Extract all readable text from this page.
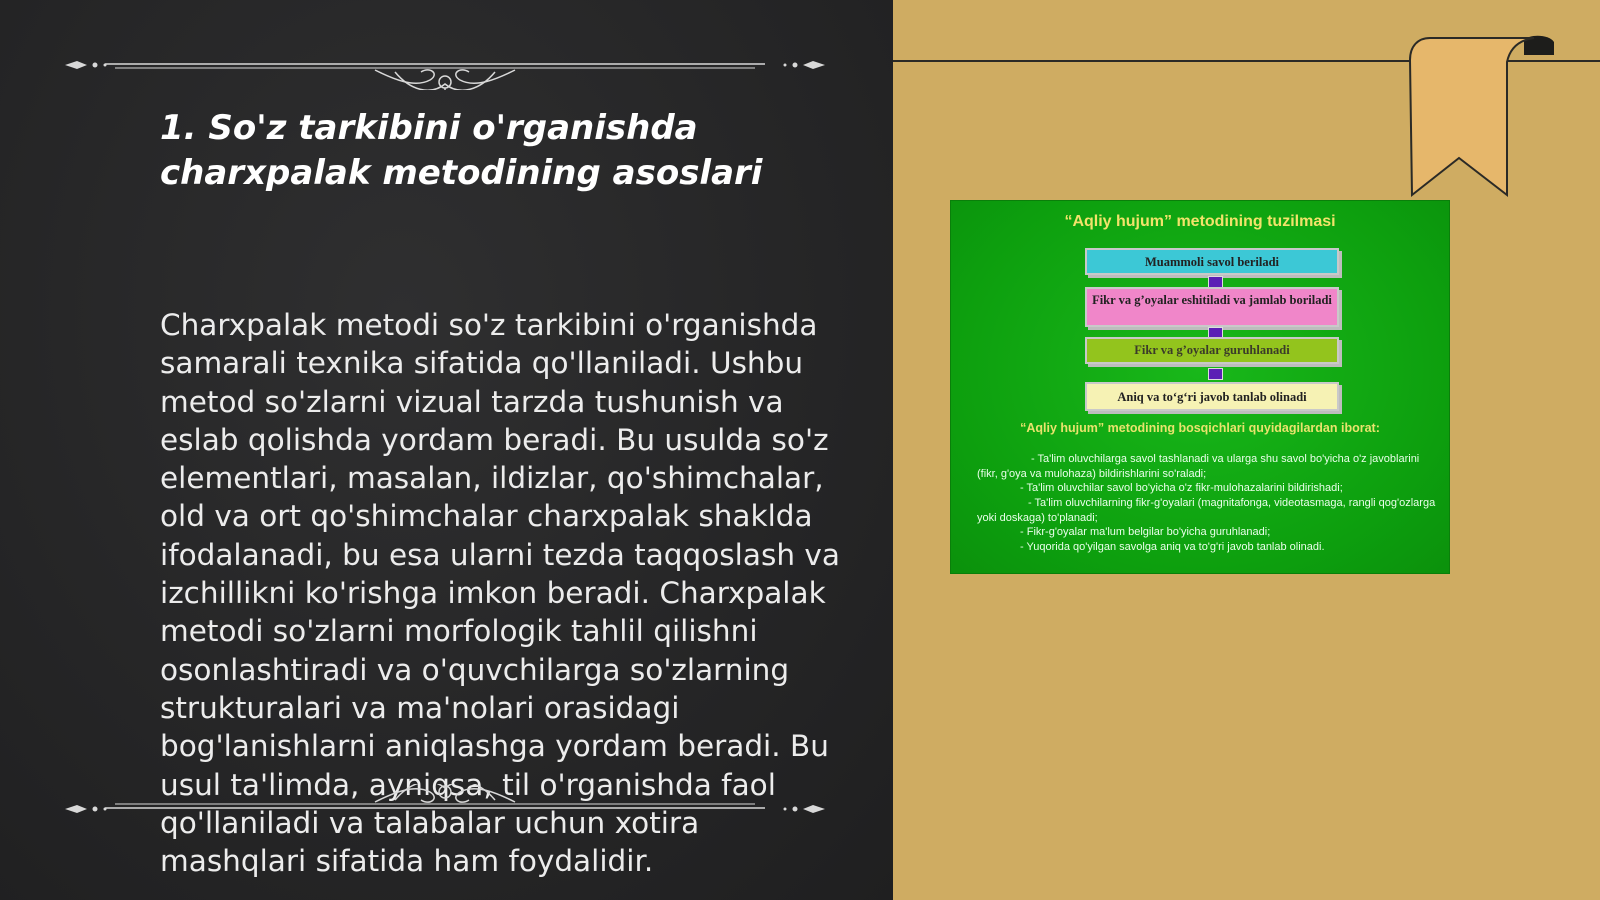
1. So'z tarkibini o'rganishda
charxpalak metodining asoslari

Charxpalak metodi so'z tarkibini o'rganishda samarali texnika sifatida qo'llaniladi. Ushbu metod so'zlarni vizual tarzda tushunish va eslab qolishda yordam beradi. Bu usulda so'z elementlari, masalan, ildizlar, qo'shimchalar, old va ort qo'shimchalar charxpalak shaklda ifodalanadi, bu esa ularni tezda taqqoslash va izchillikni ko'rishga imkon beradi. Charxpalak metodi so'zlarni morfologik tahlil qilishni osonlashtiradi va o'quvchilarga so'zlarning strukturalari va ma'nolari orasidagi bog'lanishlarni aniqlashga yordam beradi. Bu usul ta'limda, ayniqsa, til o'rganishda faol qo'llaniladi va talabalar uchun xotira mashqlari sifatida ham foydalidir.

“Aqliy hujum” metodining tuzilmasi

Muammoli savol beriladi
Fikr va g’oyalar eshitiladi va jamlab boriladi
Fikr va g’oyalar guruhlanadi
Aniq va to‘g‘ri javob tanlab olinadi

“Aqliy hujum” metodining bosqichlari quyidagilardan iborat:

- Ta'lim oluvchilarga savol tashlanadi va ularga shu savol bo'yicha o'z javoblarini (fikr, g'oya va mulohaza) bildirishlarini so'raladi;

- Ta'lim oluvchilar savol bo'yicha o'z fikr-mulohazalarini bildirishadi;

- Ta'lim oluvchilarning fikr-g'oyalari (magnitafonga, videotasmaga, rangli qog'ozlarga yoki doskaga) to'planadi;

- Fikr-g'oyalar ma'lum belgilar bo'yicha guruhlanadi;

- Yuqorida qo'yilgan savolga aniq va to'g'ri javob tanlab olinadi.
